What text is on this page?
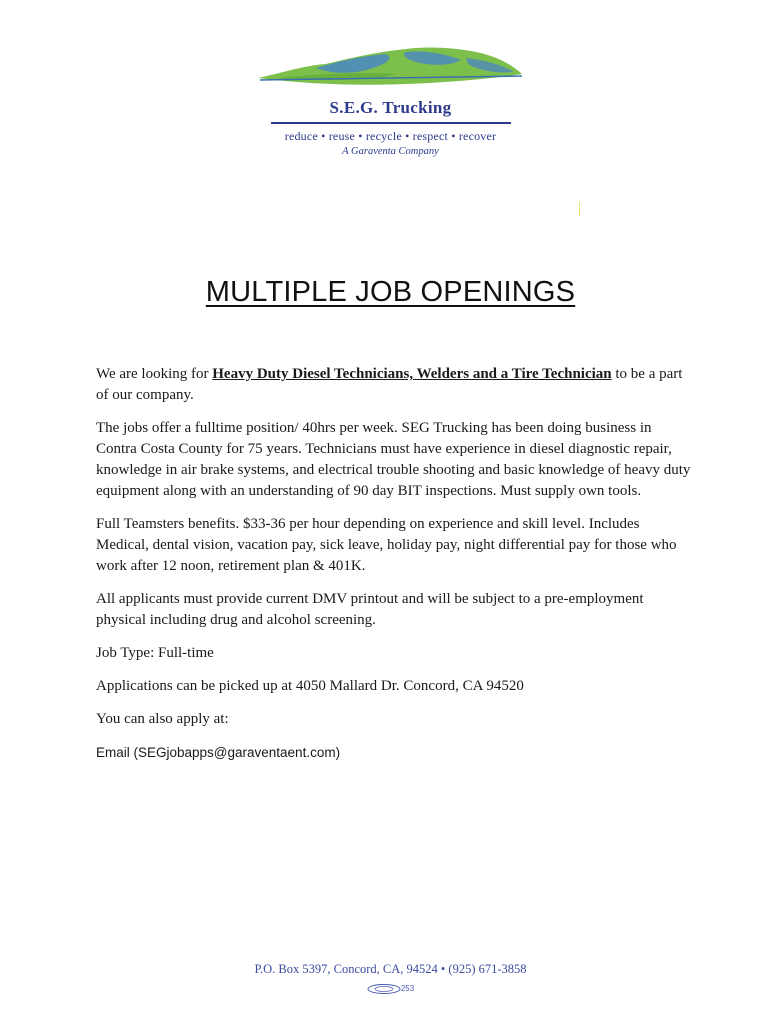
S.E.G. Trucking
reduce • reuse • recycle • respect • recover
A Garaventa Company
MULTIPLE JOB OPENINGS

We are looking for Heavy Duty Diesel Technicians, Welders and a Tire Technician to be a part of our company.

The jobs offer a fulltime position/ 40hrs per week. SEG Trucking has been doing business in Contra Costa County for 75 years. Technicians must have experience in diesel diagnostic repair, knowledge in air brake systems, and electrical trouble shooting and basic knowledge of heavy duty equipment along with an understanding of 90 day BIT inspections. Must supply own tools.

Full Teamsters benefits. $33-36 per hour depending on experience and skill level. Includes Medical, dental vision, vacation pay, sick leave, holiday pay, night differential pay for those who work after 12 noon, retirement plan & 401K.

All applicants must provide current DMV printout and will be subject to a pre-employment physical including drug and alcohol screening.

Job Type: Full-time

Applications can be picked up at 4050 Mallard Dr. Concord, CA 94520

You can also apply at:

Email (SEGjobapps@garaventaent.com)
P.O. Box 5397, Concord, CA, 94524 • (925) 671-3858
253
